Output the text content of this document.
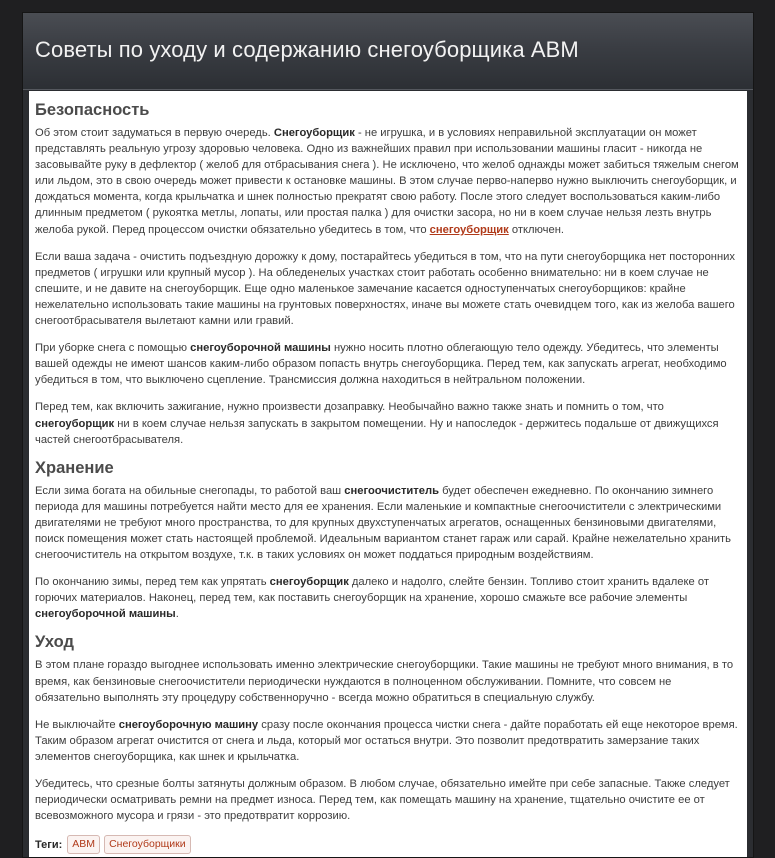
Советы по уходу и содержанию снегоуборщика ABM
Безопасность

Об этом стоит задуматься в первую очередь. Снегоуборщик - не игрушка, и в условиях неправильной эксплуатации он может представлять реальную угрозу здоровью человека. Одно из важнейших правил при использовании машины гласит - никогда не засовывайте руку в дефлектор ( желоб для отбрасывания снега ). Не исключено, что желоб однажды может забиться тяжелым снегом или льдом, это в свою очередь может привести к остановке машины. В этом случае перво-наперво нужно выключить снегоуборщик, и дождаться момента, когда крыльчатка и шнек полностью прекратят свою работу. После этого следует воспользоваться каким-либо длинным предметом ( рукоятка метлы, лопаты, или простая палка ) для очистки засора, но ни в коем случае нельзя лезть внутрь желоба рукой. Перед процессом очистки обязательно убедитесь в том, что снегоуборщик отключен.

Если ваша задача - очистить подъездную дорожку к дому, постарайтесь убедиться в том, что на пути снегоуборщика нет посторонних предметов ( игрушки или крупный мусор ). На обледенелых участках стоит работать особенно внимательно: ни в коем случае не спешите, и не давите на снегоуборщик. Еще одно маленькое замечание касается одноступенчатых снегоуборщиков: крайне нежелательно использовать такие машины на грунтовых поверхностях, иначе вы можете стать очевидцем того, как из желоба вашего снегоотбрасывателя вылетают камни или гравий.

При уборке снега с помощью снегоуборочной машины нужно носить плотно облегающую тело одежду. Убедитесь, что элементы вашей одежды не имеют шансов каким-либо образом попасть внутрь снегоуборщика. Перед тем, как запускать агрегат, необходимо убедиться в том, что выключено сцепление. Трансмиссия должна находиться в нейтральном положении.

Перед тем, как включить зажигание, нужно произвести дозаправку. Необычайно важно также знать и помнить о том, что снегоуборщик ни в коем случае нельзя запускать в закрытом помещении. Ну и напоследок - держитесь подальше от движущихся частей снегоотбрасывателя.

Хранение

Если зима богата на обильные снегопады, то работой ваш снегоочиститель будет обеспечен ежедневно. По окончанию зимнего периода для машины потребуется найти место для ее хранения. Если маленькие и компактные снегоочистители с электрическими двигателями не требуют много пространства, то для крупных двухступенчатых агрегатов, оснащенных бензиновыми двигателями, поиск помещения может стать настоящей проблемой. Идеальным вариантом станет гараж или сарай. Крайне нежелательно хранить снегоочиститель на открытом воздухе, т.к. в таких условиях он может поддаться природным воздействиям.

По окончанию зимы, перед тем как упрятать снегоуборщик далеко и надолго, слейте бензин. Топливо стоит хранить вдалеке от горючих материалов. Наконец, перед тем, как поставить снегоуборщик на хранение, хорошо смажьте все рабочие элементы снегоуборочной машины.

Уход

В этом плане гораздо выгоднее использовать именно электрические снегоуборщики. Такие машины не требуют много внимания, в то время, как бензиновые снегоочистители периодически нуждаются в полноценном обслуживании. Помните, что совсем не обязательно выполнять эту процедуру собственноручно - всегда можно обратиться в специальную службу.

Не выключайте снегоуборочную машину сразу после окончания процесса чистки снега - дайте поработать ей еще некоторое время. Таким образом агрегат очистится от снега и льда, который мог остаться внутри. Это позволит предотвратить замерзание таких элементов снегоуборщика, как шнек и крыльчатка.

Убедитесь, что срезные болты затянуты должным образом. В любом случае, обязательно имейте при себе запасные. Также следует периодически осматривать ремни на предмет износа. Перед тем, как помещать машину на хранение, тщательно очистите ее от всевозможного мусора и грязи - это предотвратит коррозию.

Теги: ABM	Снегоуборщики
